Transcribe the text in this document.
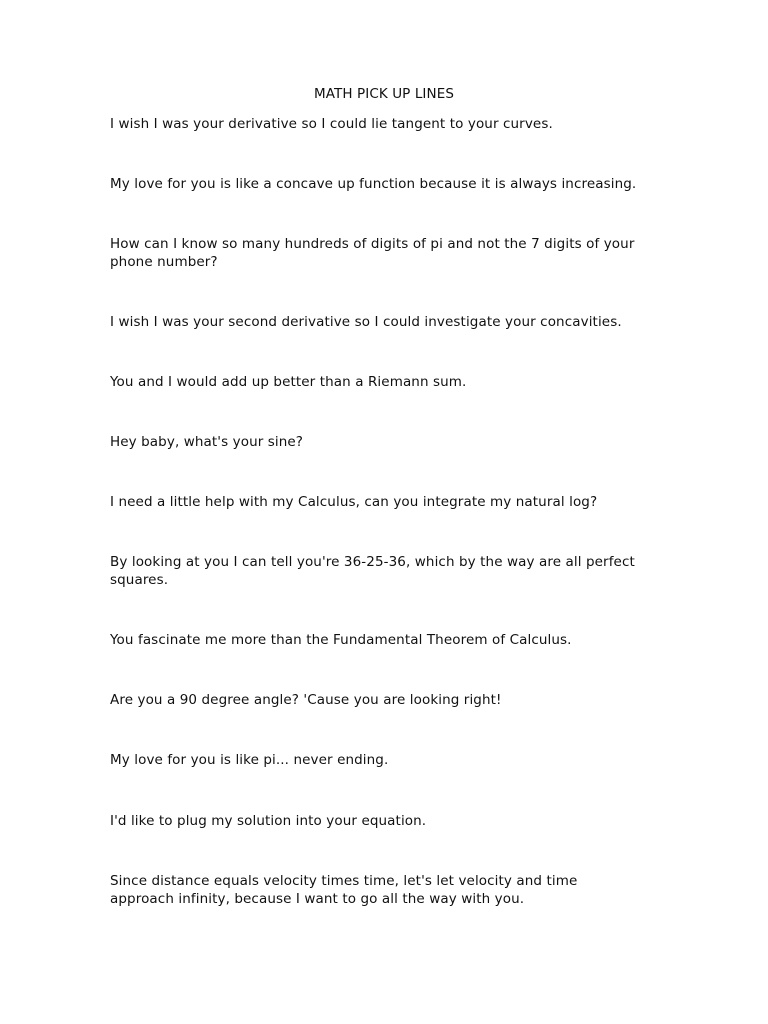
MATH PICK UP LINES
I wish I was your derivative so I could lie tangent to your curves.
My love for you is like a concave up function because it is always increasing.
How can I know so many hundreds of digits of pi and not the 7 digits of your phone number?
I wish I was your second derivative so I could investigate your concavities.
You and I would add up better than a Riemann sum.
Hey baby, what's your sine?
I need a little help with my Calculus, can you integrate my natural log?
By looking at you I can tell you're 36-25-36, which by the way are all perfect squares.
You fascinate me more than the Fundamental Theorem of Calculus.
Are you a 90 degree angle? 'Cause you are looking right!
My love for you is like pi... never ending.
I'd like to plug my solution into your equation.
Since distance equals velocity times time, let's let velocity and time approach infinity, because I want to go all the way with you.
